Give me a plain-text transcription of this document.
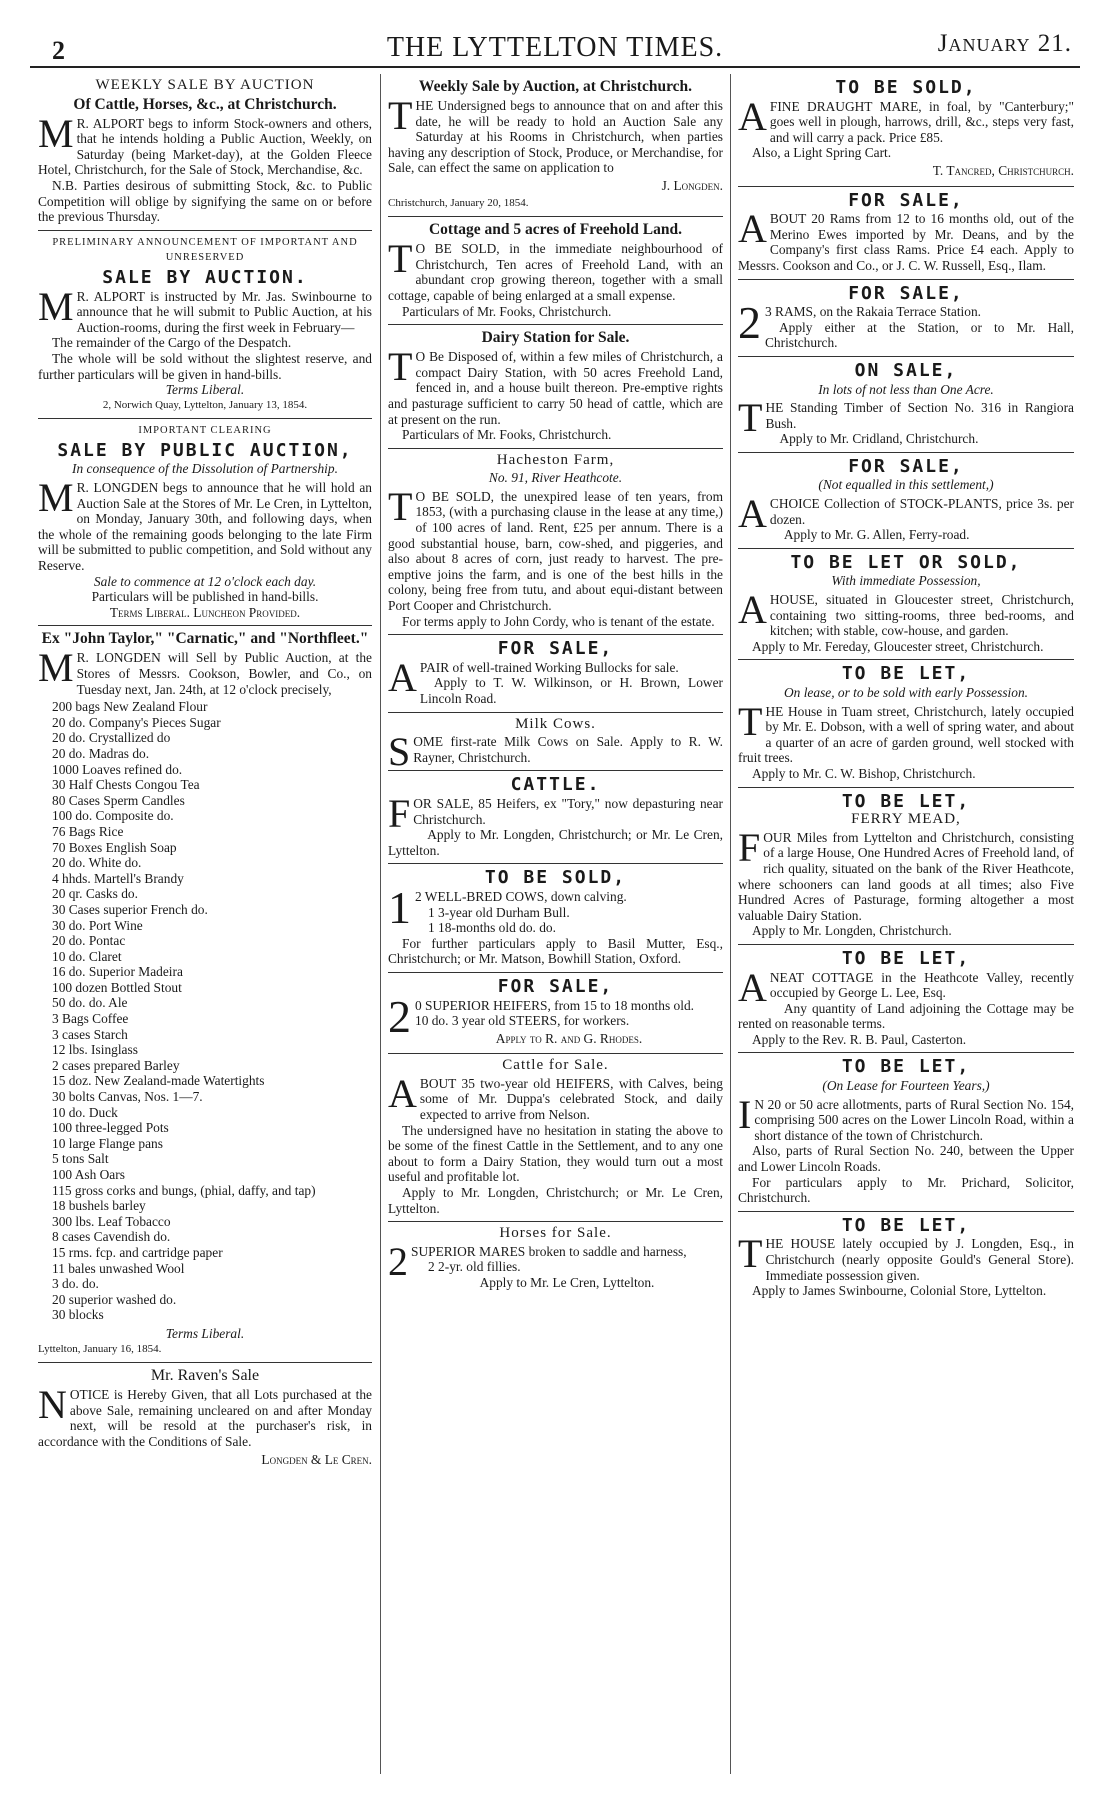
2	THE LYTTELTON TIMES.	January 21.
WEEKLY SALE BY AUCTION
Of Cattle, Horses, &c., at Christchurch.

MR. ALPORT begs to inform Stock-owners and others, that he intends holding a Public Auction, Weekly, on Saturday (being Market-day), at the Golden Fleece Hotel, Christchurch, for the Sale of Stock, Merchandise, &c.

N.B. Parties desirous of submitting Stock, &c. to Public Competition will oblige by signifying the same on or before the previous Thursday.

PRELIMINARY ANNOUNCEMENT OF IMPORTANT AND UNRESERVED
SALE BY AUCTION.

MR. ALPORT is instructed by Mr. Jas. Swinbourne to announce that he will submit to Public Auction, at his Auction-rooms, during the first week in February—

The remainder of the Cargo of the Despatch.

The whole will be sold without the slightest reserve, and further particulars will be given in hand-bills.

Terms Liberal.
2, Norwich Quay, Lyttelton, January 13, 1854.
IMPORTANT CLEARING
SALE BY PUBLIC AUCTION,
In consequence of the Dissolution of Partnership.

MR. LONGDEN begs to announce that he will hold an Auction Sale at the Stores of Mr. Le Cren, in Lyttelton, on Monday, January 30th, and following days, when the whole of the remaining goods belonging to the late Firm will be submitted to public competition, and Sold without any Reserve.

Sale to commence at 12 o'clock each day.
Particulars will be published in hand-bills.
Terms Liberal. Luncheon Provided.
Ex "John Taylor," "Carnatic," and "Northfleet."

MR. LONGDEN will Sell by Public Auction, at the Stores of Messrs. Cookson, Bowler, and Co., on Tuesday next, Jan. 24th, at 12 o'clock precisely,

200 bags New Zealand Flour
20 do. Company's Pieces Sugar
20 do. Crystallized do
20 do. Madras do.
1000 Loaves refined do.
30 Half Chests Congou Tea
80 Cases Sperm Candles
100 do. Composite do.
76 Bags Rice
70 Boxes English Soap
20 do. White do.
4 hhds. Martell's Brandy
20 qr. Casks do.
30 Cases superior French do.
30 do. Port Wine
20 do. Pontac
10 do. Claret
16 do. Superior Madeira
100 dozen Bottled Stout
50 do. do. Ale
3 Bags Coffee
3 cases Starch
12 lbs. Isinglass
2 cases prepared Barley
15 doz. New Zealand-made Watertights
30 bolts Canvas, Nos. 1—7.
10 do. Duck
100 three-legged Pots
10 large Flange pans
5 tons Salt
100 Ash Oars
115 gross corks and bungs, (phial, daffy, and tap)
18 bushels barley
300 lbs. Leaf Tobacco
8 cases Cavendish do.
15 rms. fcp. and cartridge paper
11 bales unwashed Wool
3 do. do.
20 superior washed do.
30 blocks
Terms Liberal.
Lyttelton, January 16, 1854.
Mr. Raven's Sale

NOTICE is Hereby Given, that all Lots purchased at the above Sale, remaining uncleared on and after Monday next, will be resold at the purchaser's risk, in accordance with the Conditions of Sale.

Longden & Le Cren.
Weekly Sale by Auction, at Christchurch.

THE Undersigned begs to announce that on and after this date, he will be ready to hold an Auction Sale any Saturday at his Rooms in Christchurch, when parties having any description of Stock, Produce, or Merchandise, for Sale, can effect the same on application to

J. Longden.
Christchurch, January 20, 1854.
Cottage and 5 acres of Freehold Land.

TO BE SOLD, in the immediate neighbourhood of Christchurch, Ten acres of Freehold Land, with an abundant crop growing thereon, together with a small cottage, capable of being enlarged at a small expense.

Particulars of Mr. Fooks, Christchurch.

Dairy Station for Sale.

TO Be Disposed of, within a few miles of Christchurch, a compact Dairy Station, with 50 acres Freehold Land, fenced in, and a house built thereon. Pre-emptive rights and pasturage sufficient to carry 50 head of cattle, which are at present on the run.

Particulars of Mr. Fooks, Christchurch.

Hacheston Farm,
No. 91, River Heathcote.

TO BE SOLD, the unexpired lease of ten years, from 1853, (with a purchasing clause in the lease at any time,) of 100 acres of land. Rent, £25 per annum. There is a good substantial house, barn, cow-shed, and piggeries, and also about 8 acres of corn, just ready to harvest. The pre-emptive joins the farm, and is one of the best hills in the colony, being free from tutu, and about equi-distant between Port Cooper and Christchurch.

For terms apply to John Cordy, who is tenant of the estate.

FOR SALE,

APAIR of well-trained Working Bullocks for sale.

Apply to T. W. Wilkinson, or H. Brown, Lower Lincoln Road.

Milk Cows.

SOME first-rate Milk Cows on Sale. Apply to R. W. Rayner, Christchurch.

CATTLE.

FOR SALE, 85 Heifers, ex "Tory," now depasturing near Christchurch.

Apply to Mr. Longden, Christchurch; or Mr. Le Cren, Lyttelton.

TO BE SOLD,

12 WELL-BRED COWS, down calving.

1 3-year old Durham Bull.
1 18-months old do. do.

For further particulars apply to Basil Mutter, Esq., Christchurch; or Mr. Matson, Bowhill Station, Oxford.

FOR SALE,

20 SUPERIOR HEIFERS, from 15 to 18 months old.

10 do. 3 year old STEERS, for workers.
Apply to R. and G. Rhodes.
Cattle for Sale.

ABOUT 35 two-year old HEIFERS, with Calves, being some of Mr. Duppa's celebrated Stock, and daily expected to arrive from Nelson.

The undersigned have no hesitation in stating the above to be some of the finest Cattle in the Settlement, and to any one about to form a Dairy Station, they would turn out a most useful and profitable lot.

Apply to Mr. Longden, Christchurch; or Mr. Le Cren, Lyttelton.

Horses for Sale.

2SUPERIOR MARES broken to saddle and harness,

2 2-yr. old fillies.
Apply to Mr. Le Cren, Lyttelton.
TO BE SOLD,

AFINE DRAUGHT MARE, in foal, by "Canterbury;" goes well in plough, harrows, drill, &c., steps very fast, and will carry a pack. Price £85.

Also, a Light Spring Cart.

T. Tancred, Christchurch.
FOR SALE,

ABOUT 20 Rams from 12 to 16 months old, out of the Merino Ewes imported by Mr. Deans, and by the Company's first class Rams. Price £4 each. Apply to Messrs. Cookson and Co., or J. C. W. Russell, Esq., Ilam.

FOR SALE,

23 RAMS, on the Rakaia Terrace Station.

Apply either at the Station, or to Mr. Hall, Christchurch.

ON SALE,
In lots of not less than One Acre.

THE Standing Timber of Section No. 316 in Rangiora Bush.

Apply to Mr. Cridland, Christchurch.

FOR SALE,
(Not equalled in this settlement,)

ACHOICE Collection of STOCK-PLANTS, price 3s. per dozen.

Apply to Mr. G. Allen, Ferry-road.

TO BE LET OR SOLD,
With immediate Possession,

AHOUSE, situated in Gloucester street, Christchurch, containing two sitting-rooms, three bed-rooms, and kitchen; with stable, cow-house, and garden.

Apply to Mr. Fereday, Gloucester street, Christchurch.

TO BE LET,
On lease, or to be sold with early Possession.

THE House in Tuam street, Christchurch, lately occupied by Mr. E. Dobson, with a well of spring water, and about a quarter of an acre of garden ground, well stocked with fruit trees.

Apply to Mr. C. W. Bishop, Christchurch.

TO BE LET,
FERRY MEAD,

FOUR Miles from Lyttelton and Christchurch, consisting of a large House, One Hundred Acres of Freehold land, of rich quality, situated on the bank of the River Heathcote, where schooners can land goods at all times; also Five Hundred Acres of Pasturage, forming altogether a most valuable Dairy Station.

Apply to Mr. Longden, Christchurch.

TO BE LET,

ANEAT COTTAGE in the Heathcote Valley, recently occupied by George L. Lee, Esq.

Any quantity of Land adjoining the Cottage may be rented on reasonable terms.

Apply to the Rev. R. B. Paul, Casterton.

TO BE LET,
(On Lease for Fourteen Years,)

IN 20 or 50 acre allotments, parts of Rural Section No. 154, comprising 500 acres on the Lower Lincoln Road, within a short distance of the town of Christchurch.

Also, parts of Rural Section No. 240, between the Upper and Lower Lincoln Roads.

For particulars apply to Mr. Prichard, Solicitor, Christchurch.

TO BE LET,

THE HOUSE lately occupied by J. Longden, Esq., in Christchurch (nearly opposite Gould's General Store). Immediate possession given.

Apply to James Swinbourne, Colonial Store, Lyttelton.
